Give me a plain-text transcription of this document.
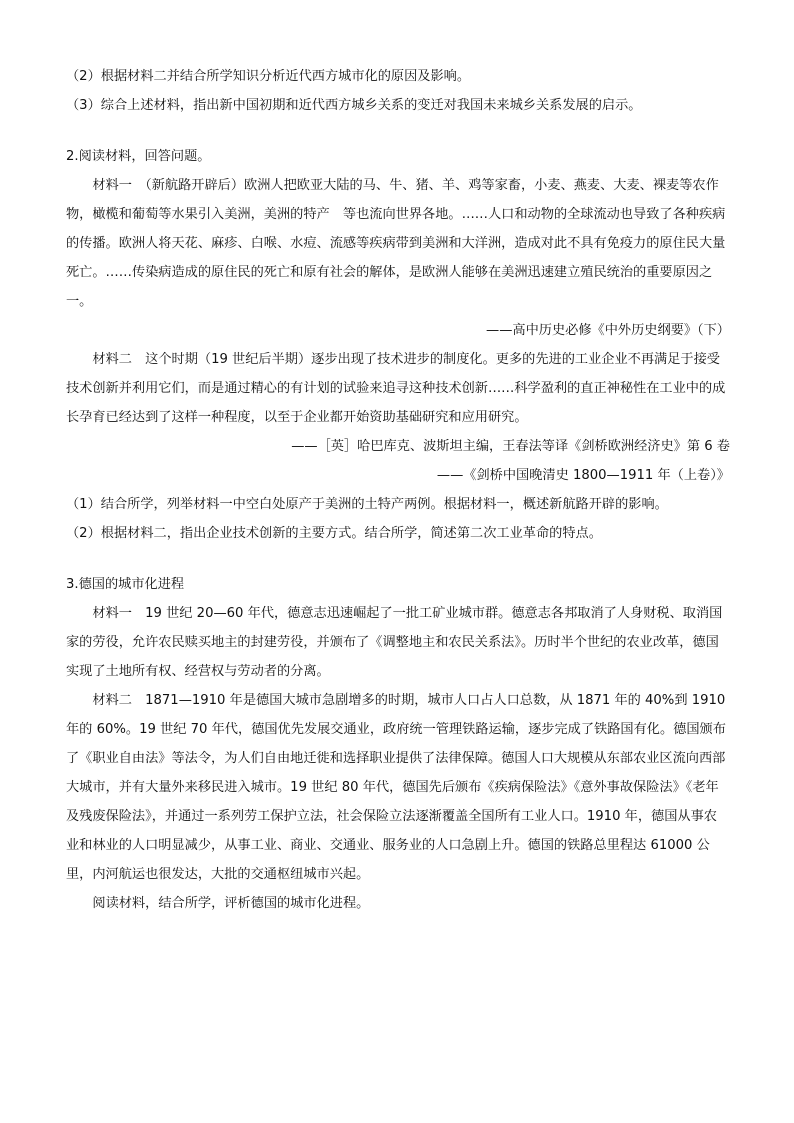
（2）根据材料二并结合所学知识分析近代西方城市化的原因及影响。

（3）综合上述材料，指出新中国初期和近代西方城乡关系的变迁对我国未来城乡关系发展的启示。

2.阅读材料，回答问题。

材料一　（新航路开辟后）欧洲人把欧亚大陆的马、牛、猪、羊、鸡等家畜，小麦、燕麦、大麦、裸麦等农作物，橄榄和葡萄等水果引入美洲，美洲的特产　等也流向世界各地。……人口和动物的全球流动也导致了各种疾病的传播。欧洲人将天花、麻疹、白喉、水痘、流感等疾病带到美洲和大洋洲，造成对此不具有免疫力的原住民大量死亡。……传染病造成的原住民的死亡和原有社会的解体，是欧洲人能够在美洲迅速建立殖民统治的重要原因之一。

——高中历史必修《中外历史纲要》（下）

材料二　这个时期（19 世纪后半期）逐步出现了技术进步的制度化。更多的先进的工业企业不再满足于接受技术创新并利用它们，而是通过精心的有计划的试验来追寻这种技术创新……科学盈利的直正神秘性在工业中的成长孕育已经达到了这样一种程度，以至于企业都开始资助基础研究和应用研究。

——［英］哈巴库克、波斯坦主编，王春法等译《剑桥欧洲经济史》第 6 卷

——《剑桥中国晚清史 1800—1911 年（上卷）》

（1）结合所学，列举材料一中空白处原产于美洲的土特产两例。根据材料一，概述新航路开辟的影响。

（2）根据材料二，指出企业技术创新的主要方式。结合所学，简述第二次工业革命的特点。

3.德国的城市化进程

材料一　19 世纪 20—60 年代，德意志迅速崛起了一批工矿业城市群。德意志各邦取消了人身财税、取消国家的劳役，允许农民赎买地主的封建劳役，并颁布了《调整地主和农民关系法》。历时半个世纪的农业改革，德国实现了土地所有权、经营权与劳动者的分离。

材料二　1871—1910 年是德国大城市急剧增多的时期，城市人口占人口总数，从 1871 年的 40%到 1910 年的 60%。19 世纪 70 年代，德国优先发展交通业，政府统一管理铁路运输，逐步完成了铁路国有化。德国颁布了《职业自由法》等法令，为人们自由地迁徙和选择职业提供了法律保障。德国人口大规模从东部农业区流向西部大城市，并有大量外来移民进入城市。19 世纪 80 年代，德国先后颁布《疾病保险法》《意外事故保险法》《老年及残废保险法》，并通过一系列劳工保护立法，社会保险立法逐渐覆盖全国所有工业人口。1910 年，德国从事农业和林业的人口明显减少，从事工业、商业、交通业、服务业的人口急剧上升。德国的铁路总里程达 61000 公里，内河航运也很发达，大批的交通枢纽城市兴起。

阅读材料，结合所学，评析德国的城市化进程。
